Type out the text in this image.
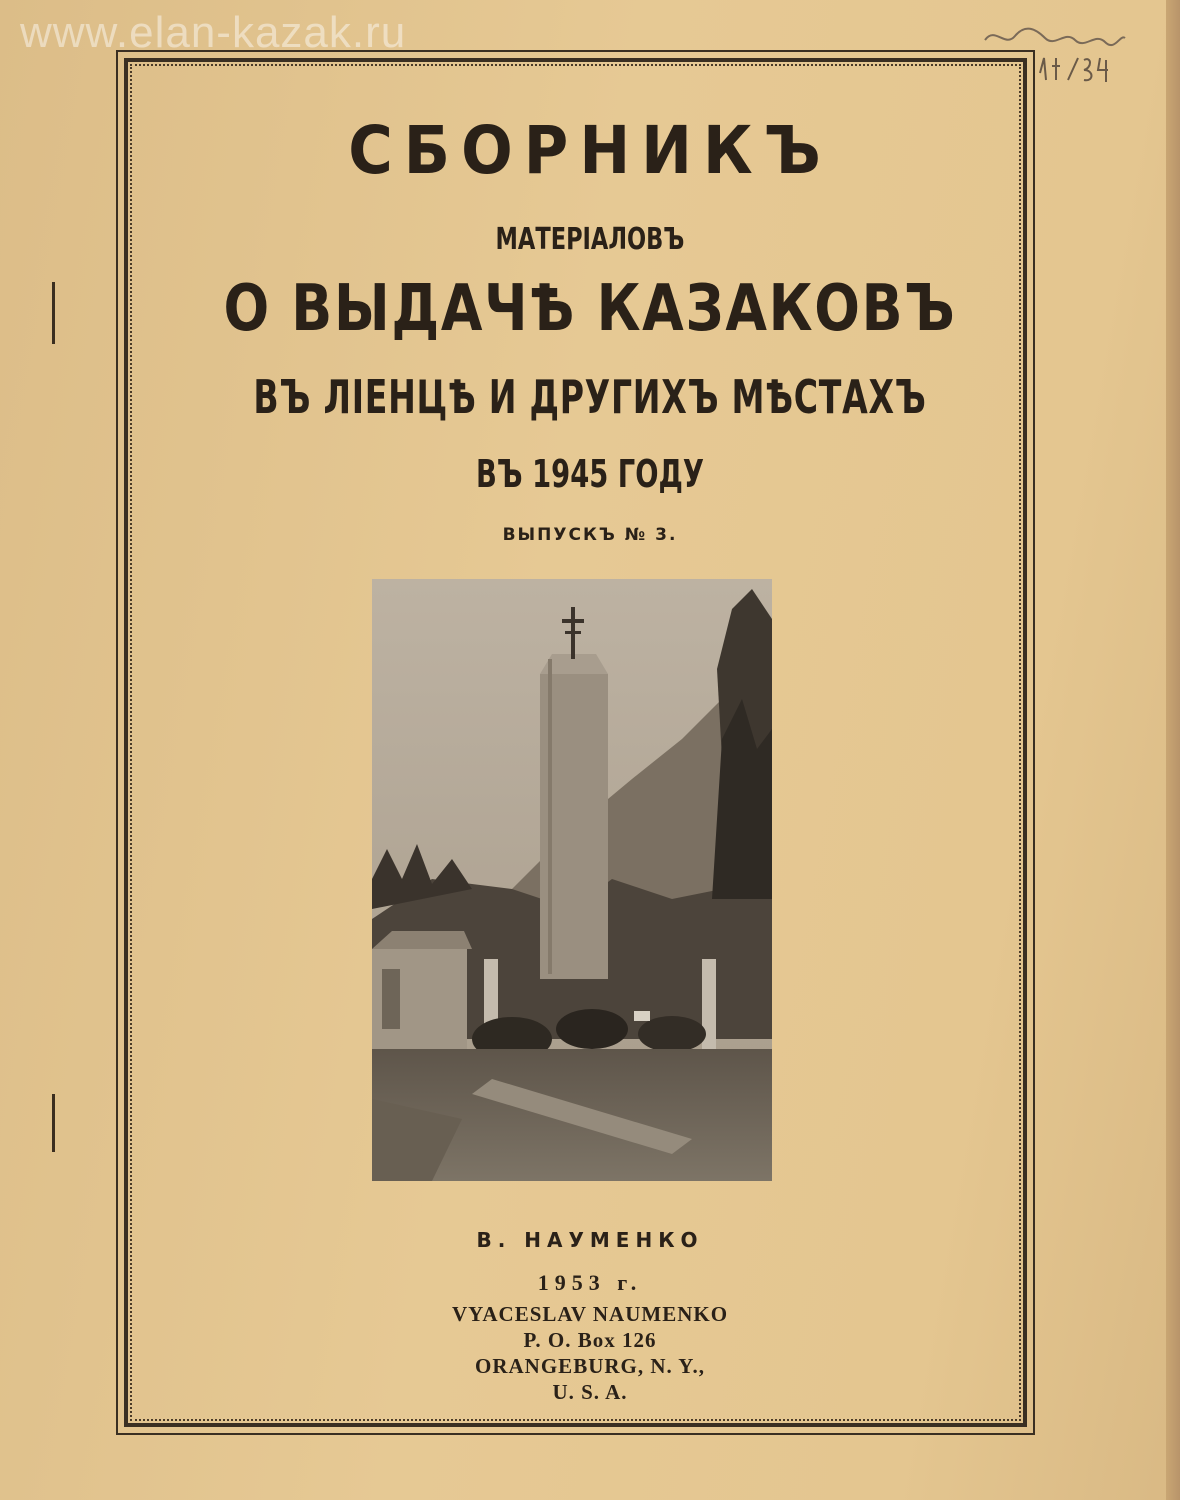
www.elan-kazak.ru
СБОРНИКЪ
МАТЕРІАЛОВЪ
О ВЫДАЧѢ КАЗАКОВЪ
ВЪ ЛІЕНЦѢ И ДРУГИХЪ МѢСТАХЪ
ВЪ 1945 ГОДУ
ВЫПУСКЪ № 3.
В. НАУМЕНКО
1953 г.
VYACESLAV NAUMENKO
P. O. Box 126
ORANGEBURG, N. Y.,
U. S. A.
